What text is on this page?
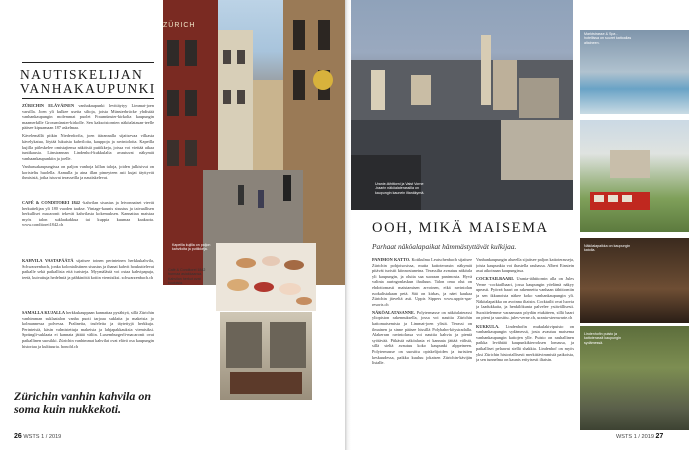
NAUTISKELIJAN
VANHAKAUPUNKI

ZÜRICHIN ELÄVÄINEN vanhakaupunki levittäytyy Limmat-joen varsilla. Joen yli kulkee useita siltoja, joista Münsterbrücke yhdistää vanhankaupungin molemmat puolet Fraumünster-kirkolta kaupungin maamerkille Grossmünster-kirkolle. Sen kaksoistornien näköalatasan-teelle pääsee kipuamaan 187 askelmaa.

Kävelemällä pitkin Niederdorfia, joen itärannalla sijaitsevaa vilkasta kävelykatua, löytää lukuisia kahviloita, kauppoja ja ravintoloita. Kapeilla kujilla piileskelee omistajiensa näköisiä putiikkeja, joissa voi viettää aikaa tuntikausia. Länsirannan Lindenhof-kukkulalta avautuvat näkymät vanhaankaupunkiin ja joelle.

Vanhassakaupungissa on paljon vanhoja killan taloja, joiden julkisivut on koristeltu huolella. Aamulla ja aina illan pimeyteen asti kujat täyttyvät ihmisistä, jotka istuvat terasseilla ja nautiskelevat.

CAFÉ & CONDITOREI 1842 -kahvilan sisustus ja leivonnaiset vievät herkuttelijan yli 180 vuoden taakse. Vintage-kaunis sisustus ja taivaallisen herkulliset macaronit tekevät kahvilasta kokemuksen. Kannattaa maistaa myös talon suklaakakkua tai kuppia kuumaa kaakaota. www.conditorei1842.ch

KAHVILA VASTAPÄÄTÄ sijaitsee toinen perinteinen herkkukahvila, Schwarzenbach, jonka kolonialistinen sisustus ja ihanat kahvit houkuttelevat paikalle sekä paikallisia että turisteja. Myymälästä voi ostaa kahvipapuja, teetä, kuivattuja hedelmiä ja pähkinöitä kotiin viemisiksi. schwarzenbach.ch

SAMALLA KUJALLA herkkukauppaan kannattaa pysähtyä, sillä Zürichin vanhimman suklaatalon vanha puoti tarjoaa suklaita ja makeisia jo kolmannessa polvessa. Pralineita, trufeleita ja täytettyjä herkkuja. Perinteisiä, käsin valmistettuja makeisia ja lahjapakkauksia viemisiksi. Sprüngli-suklaata ei kannata jättää väliin. Luxemburgerli-macaronit ovat paikallinen suosikki. Zürichin vanhimmat kahvilat ovat elävä osa kaupungin historiaa ja kulttuuria. honold.ch

Zürichin vanhin kahvila on soma kuin nukkekoti.
26 WSTS 1 / 2019
ZÜRICH
Kapeilla kujilla on paljon kahviloita ja putiikkeja.
Café & Conditorei 1842 hurmaa asiakkaansa. Kahvilan herkut ovat kuuluisia.
Uranie-tähtitorni ja Vaist Vorne -baarin näköalaterassilla on kaupungin kaunein iltanäkymä.
Marktstrasse & Spa -hotellissa on suuret kattoallas altaineen.
Näköalapaikka on kaupungin katolla.
Lindenhofin puisto ja kattoterassit kaupungin sydämessä.
OOH, MIKÄ MAISEMA
Parhaat näköalapaikat hämmästyttävät kulkijaa.

PANIMON KATTO. Kotikulma Leutschenbach sijaitsee Zürichin pohjoisosissa, mutta kattoterassin näkymät pitävät turistit kiinnostuneina. Terassilta avautuu näköala yli kaupungin, ja oluita saa suoraan panimosta. Hyvä valinta auringonlaskun ihailuun. Talon oma olut on ehdottomasti maistamisen arvoinen, eikä ravintolan ruokalistakaan petä. Sää on kirkas, ja näet kaukaa Zürichin järveltä asti. Uppis Sippers www.uppis-spa-resorts.ch

NÄKÖALATASANNE. Polytermasse on näköalaterassi yliopiston rakennuksella, jossa voi nauttia Zürichin kattomaisemista ja Limmat-joen ylistä. Terassi on ilmainen ja sinne pääsee hissillä Polybahn-köysiradalla. Alakerran ravintolassa voi nauttia kahvia ja pientä syötävää. Pitkästä näköalasta ei kannata jättää välistä, sillä sieltä avautuu koko kaupunki alppeineen. Polytermasse on suosittu opiskelijoiden ja turistien keskuudessa, paikka kuuluu jokaisen Zürichin-kävijän listalle.

Vanhankaupungin alueella sijaitsee paljon kattoterasseja, joista kaupunkia voi ihastella rauhassa. Albert Einstein asui aikoinaan kaupungissa.

COCKTAILBAARI. Urania-tähtitornin alla on Jules Verne -cocktailbaari, jossa kaupungin yöelämä näkyy upeasti. Pyöreä baari on rakennettu vanhaan tähtitorniin ja sen ikkunoista näkee koko vanhankaupungin yli. Näköalapaikka on avoinna iltaisin. Cocktailit ovat luovia ja laadukkaita, ja henkilökunta palvelee ystävällisesti. Suosittelemme varaamaan pöydän etukäteen, sillä baari on pieni ja suosittu. jules-verne.ch, urania-sternwarte.ch

KUKKULA. Lindenhofin mukulakivipuisto on vanhankaupungin sydämessä, josta avautuu maisema vanhankaupungin kattojen ylle. Puisto on rauhallinen paikka levähtää kaupunkikierroksen lomassa, ja paikalliset pelaavat siellä shakkia. Lindenhof on myös yksi Zürichin historiallisesti merkittävimmistä paikoista, ja sen tunnelma on kaunis erityisesti iltaisin.

WSTS 1 / 2019 27
